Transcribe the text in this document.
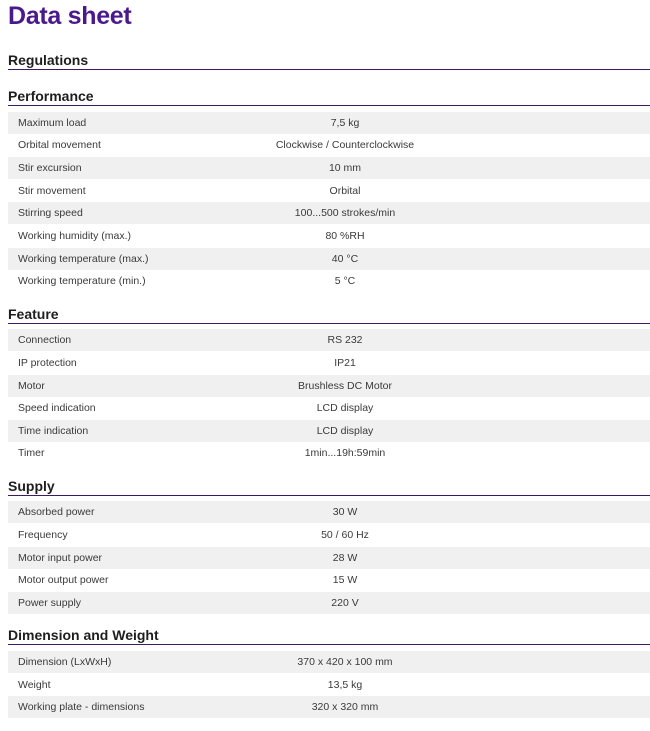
Data sheet
Regulations
Performance
Maximum load	7,5 kg
Orbital movement	Clockwise / Counterclockwise
Stir excursion	10 mm
Stir movement	Orbital
Stirring speed	100...500 strokes/min
Working humidity (max.)	80 %RH
Working temperature (max.)	40 °C
Working temperature (min.)	5 °C
Feature
Connection	RS 232
IP protection	IP21
Motor	Brushless DC Motor
Speed indication	LCD display
Time indication	LCD display
Timer	1min...19h:59min
Supply
Absorbed power	30 W
Frequency	50 / 60 Hz
Motor input power	28 W
Motor output power	15 W
Power supply	220 V
Dimension and Weight
Dimension (LxWxH)	370 x 420 x 100 mm
Weight	13,5 kg
Working plate - dimensions	320 x 320 mm
